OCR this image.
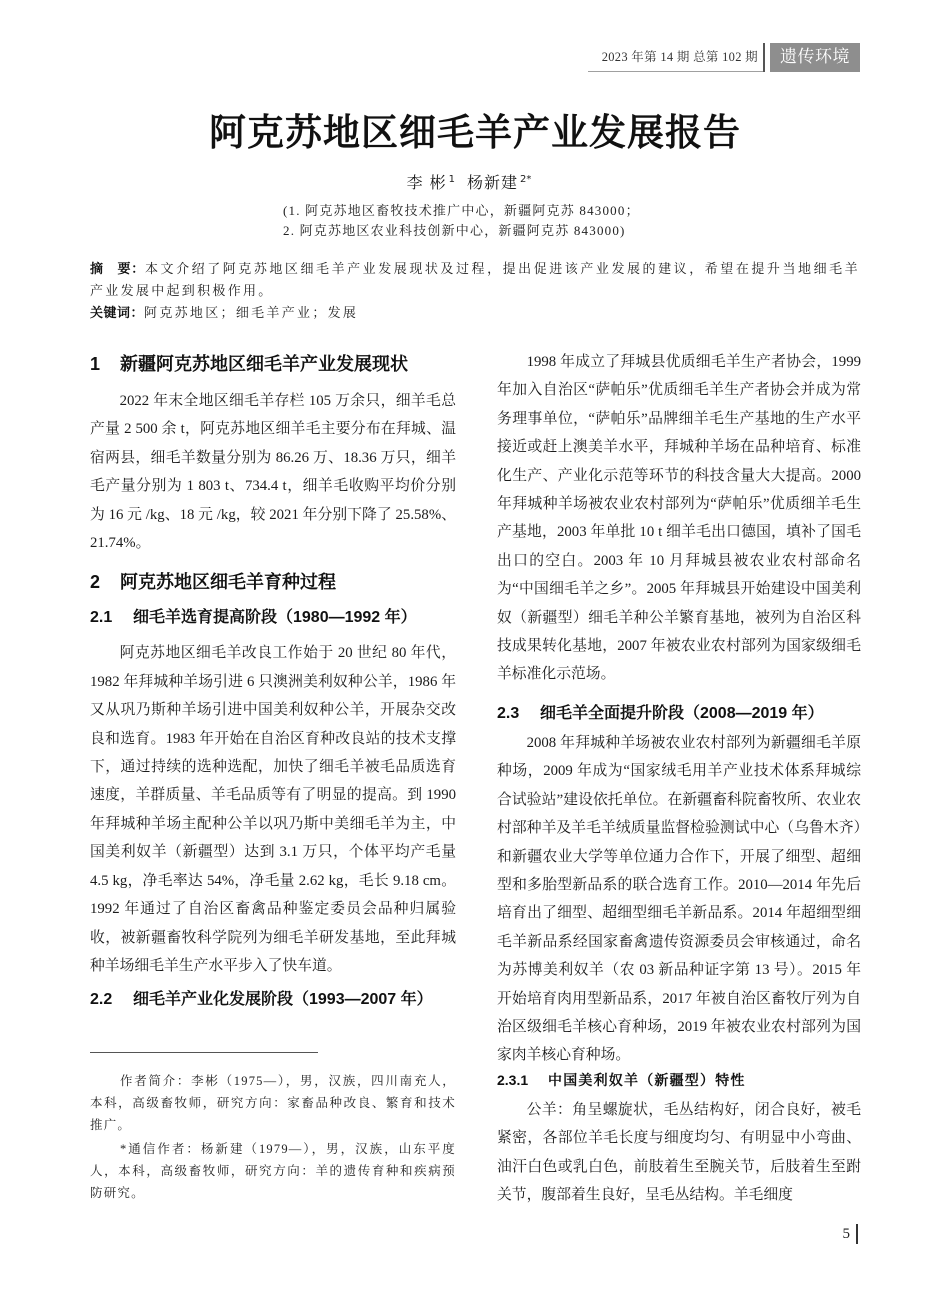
2023 年第 14 期 总第 102 期	遗传环境
阿克苏地区细毛羊产业发展报告
李 彬 $^1$ 杨新建 $^{2*}$
(1. 阿克苏地区畜牧技术推广中心，新疆阿克苏 843000；
2. 阿克苏地区农业科技创新中心，新疆阿克苏 843000)
摘　要：本文介绍了阿克苏地区细毛羊产业发展现状及过程，提出促进该产业发展的建议，希望在提升当地细毛羊产业发展中起到积极作用。
关键词：阿克苏地区；细毛羊产业；发展
1 新疆阿克苏地区细毛羊产业发展现状

2022 年末全地区细毛羊存栏 105 万余只，细羊毛总产量 2 500 余 t，阿克苏地区细羊毛主要分布在拜城、温宿两县，细毛羊数量分别为 86.26 万、18.36 万只，细羊毛产量分别为 1 803 t、734.4 t，细羊毛收购平均价分别为 16 元 /kg、18 元 /kg，较 2021 年分别下降了 25.58%、21.74%。

2 阿克苏地区细毛羊育种过程
2.1 细毛羊选育提高阶段（1980—1992 年）

阿克苏地区细毛羊改良工作始于 20 世纪 80 年代，1982 年拜城种羊场引进 6 只澳洲美利奴种公羊，1986 年又从巩乃斯种羊场引进中国美利奴种公羊，开展杂交改良和选育。1983 年开始在自治区育种改良站的技术支撑下，通过持续的选种选配，加快了细毛羊被毛品质选育速度，羊群质量、羊毛品质等有了明显的提高。到 1990 年拜城种羊场主配种公羊以巩乃斯中美细毛羊为主，中国美利奴羊（新疆型）达到 3.1 万只，个体平均产毛量 4.5 kg，净毛率达 54%，净毛量 2.62 kg，毛长 9.18 cm。1992 年通过了自治区畜禽品种鉴定委员会品种归属验收，被新疆畜牧科学院列为细毛羊研发基地，至此拜城种羊场细毛羊生产水平步入了快车道。

2.2 细毛羊产业化发展阶段（1993—2007 年）

作者简介：李彬（1975—），男，汉族，四川南充人，本科，高级畜牧师，研究方向：家畜品种改良、繁育和技术推广。

*通信作者：杨新建（1979—），男，汉族，山东平度人，本科，高级畜牧师，研究方向：羊的遗传育种和疾病预防研究。

1998 年成立了拜城县优质细毛羊生产者协会，1999 年加入自治区“萨帕乐”优质细毛羊生产者协会并成为常务理事单位，“萨帕乐”品牌细羊毛生产基地的生产水平接近或赶上澳美羊水平，拜城种羊场在品种培育、标准化生产、产业化示范等环节的科技含量大大提高。2000 年拜城种羊场被农业农村部列为“萨帕乐”优质细羊毛生产基地，2003 年单批 10 t 细羊毛出口德国，填补了国毛出口的空白。2003 年 10 月拜城县被农业农村部命名为“中国细毛羊之乡”。2005 年拜城县开始建设中国美利奴（新疆型）细毛羊种公羊繁育基地，被列为自治区科技成果转化基地，2007 年被农业农村部列为国家级细毛羊标准化示范场。

2.3 细毛羊全面提升阶段（2008—2019 年）

2008 年拜城种羊场被农业农村部列为新疆细毛羊原种场，2009 年成为“国家绒毛用羊产业技术体系拜城综合试验站”建设依托单位。在新疆畜科院畜牧所、农业农村部种羊及羊毛羊绒质量监督检验测试中心（乌鲁木齐）和新疆农业大学等单位通力合作下，开展了细型、超细型和多胎型新品系的联合选育工作。2010—2014 年先后培育出了细型、超细型细毛羊新品系。2014 年超细型细毛羊新品系经国家畜禽遗传资源委员会审核通过，命名为苏博美利奴羊（农 03 新品种证字第 13 号）。2015 年开始培育肉用型新品系，2017 年被自治区畜牧厅列为自治区级细毛羊核心育种场，2019 年被农业农村部列为国家肉羊核心育种场。

2.3.1 中国美利奴羊（新疆型）特性

公羊：角呈螺旋状，毛丛结构好，闭合良好，被毛紧密，各部位羊毛长度与细度均匀、有明显中小弯曲、油汗白色或乳白色，前肢着生至腕关节，后肢着生至跗关节，腹部着生良好，呈毛丛结构。羊毛细度

5
